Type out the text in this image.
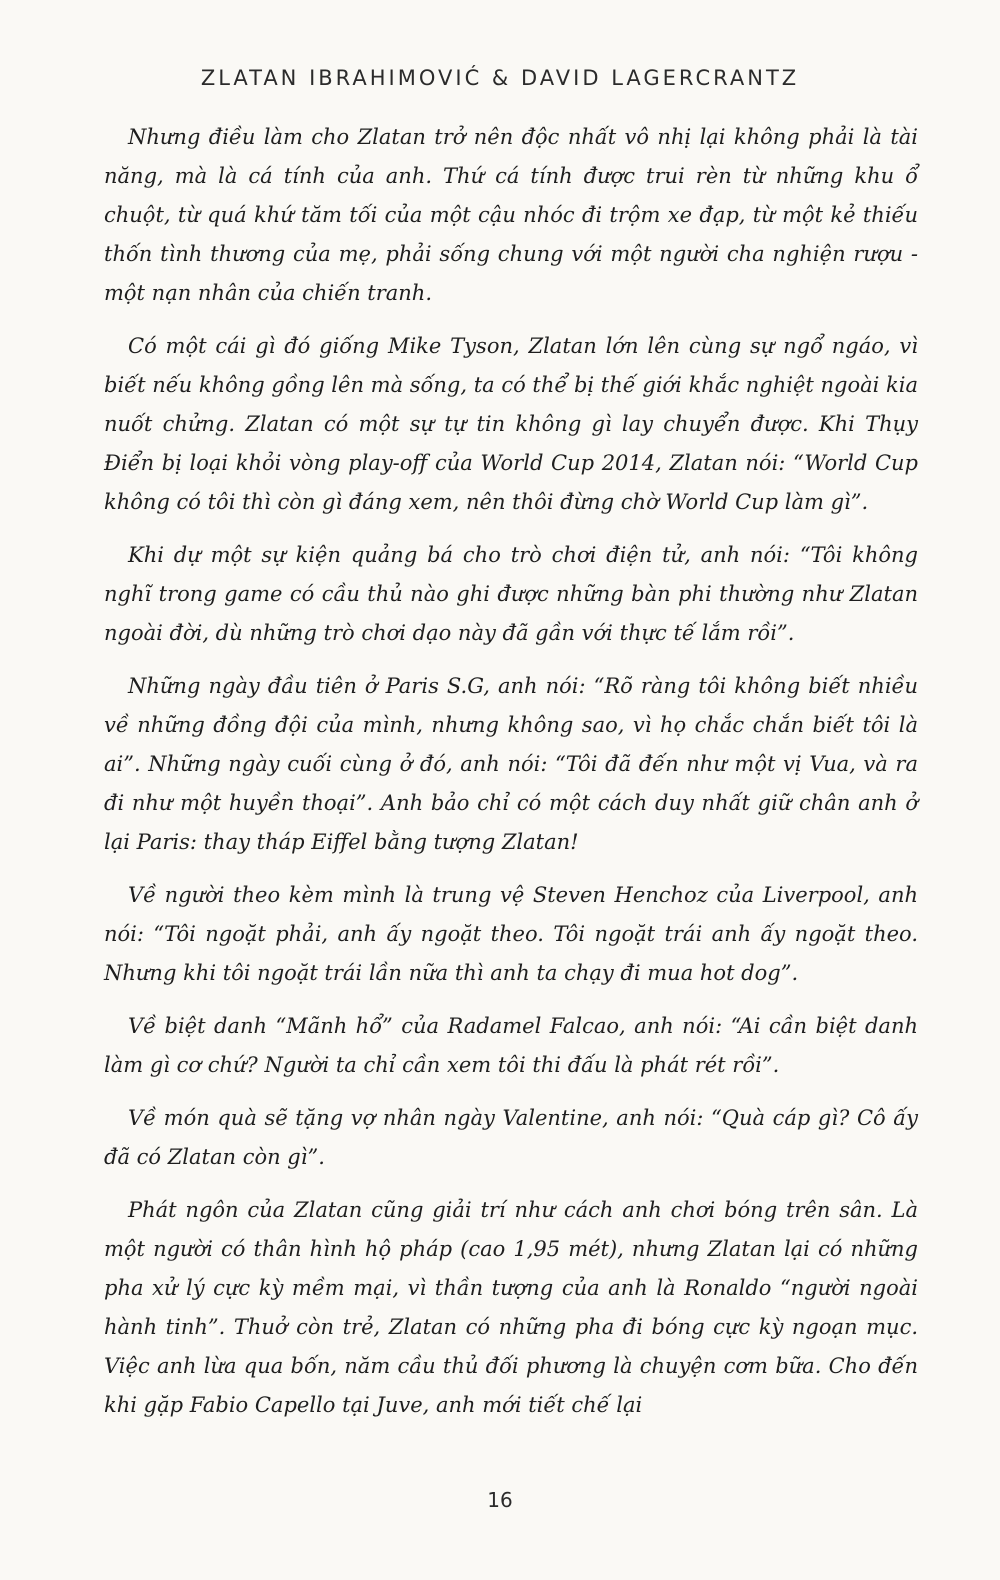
ZLATAN IBRAHIMOVIĆ & DAVID LAGERCRANTZ

Nhưng điều làm cho Zlatan trở nên độc nhất vô nhị lại không phải là tài năng, mà là cá tính của anh. Thứ cá tính được trui rèn từ những khu ổ chuột, từ quá khứ tăm tối của một cậu nhóc đi trộm xe đạp, từ một kẻ thiếu thốn tình thương của mẹ, phải sống chung với một người cha nghiện rượu - một nạn nhân của chiến tranh.

Có một cái gì đó giống Mike Tyson, Zlatan lớn lên cùng sự ngổ ngáo, vì biết nếu không gồng lên mà sống, ta có thể bị thế giới khắc nghiệt ngoài kia nuốt chửng. Zlatan có một sự tự tin không gì lay chuyển được. Khi Thụy Điển bị loại khỏi vòng play-off của World Cup 2014, Zlatan nói: “World Cup không có tôi thì còn gì đáng xem, nên thôi đừng chờ World Cup làm gì”.

Khi dự một sự kiện quảng bá cho trò chơi điện tử, anh nói: “Tôi không nghĩ trong game có cầu thủ nào ghi được những bàn phi thường như Zlatan ngoài đời, dù những trò chơi dạo này đã gần với thực tế lắm rồi”.

Những ngày đầu tiên ở Paris S.G, anh nói: “Rõ ràng tôi không biết nhiều về những đồng đội của mình, nhưng không sao, vì họ chắc chắn biết tôi là ai”. Những ngày cuối cùng ở đó, anh nói: “Tôi đã đến như một vị Vua, và ra đi như một huyền thoại”. Anh bảo chỉ có một cách duy nhất giữ chân anh ở lại Paris: thay tháp Eiffel bằng tượng Zlatan!

Về người theo kèm mình là trung vệ Steven Henchoz của Liverpool, anh nói: “Tôi ngoặt phải, anh ấy ngoặt theo. Tôi ngoặt trái anh ấy ngoặt theo. Nhưng khi tôi ngoặt trái lần nữa thì anh ta chạy đi mua hot dog”.

Về biệt danh “Mãnh hổ” của Radamel Falcao, anh nói: “Ai cần biệt danh làm gì cơ chứ? Người ta chỉ cần xem tôi thi đấu là phát rét rồi”.

Về món quà sẽ tặng vợ nhân ngày Valentine, anh nói: “Quà cáp gì? Cô ấy đã có Zlatan còn gì”.

Phát ngôn của Zlatan cũng giải trí như cách anh chơi bóng trên sân. Là một người có thân hình hộ pháp (cao 1,95 mét), nhưng Zlatan lại có những pha xử lý cực kỳ mềm mại, vì thần tượng của anh là Ronaldo “người ngoài hành tinh”. Thuở còn trẻ, Zlatan có những pha đi bóng cực kỳ ngoạn mục. Việc anh lừa qua bốn, năm cầu thủ đối phương là chuyện cơm bữa. Cho đến khi gặp Fabio Capello tại Juve, anh mới tiết chế lại

16
